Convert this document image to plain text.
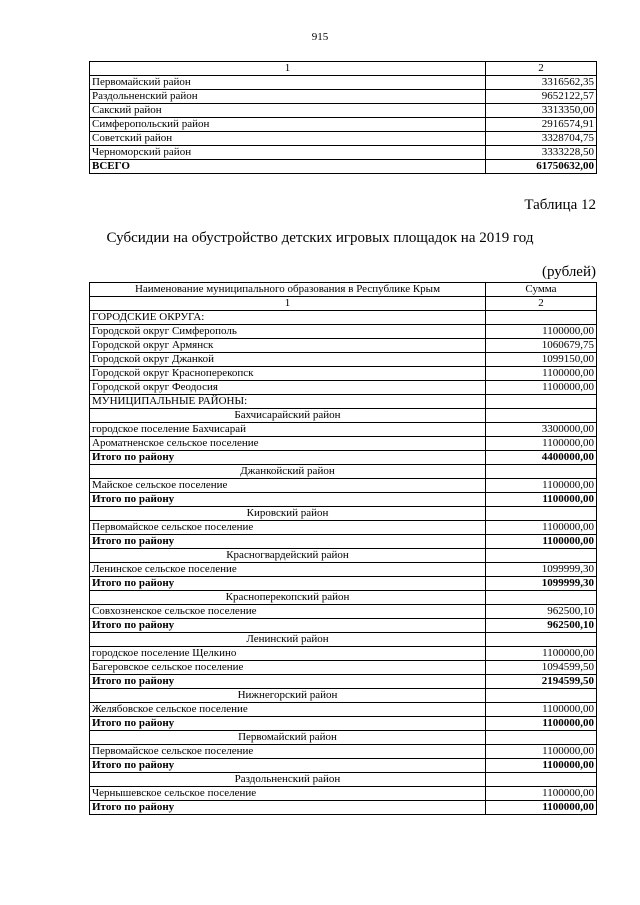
915
1	2
Первомайский район	3316562,35
Раздольненский район	9652122,57
Сакский район	3313350,00
Симферопольский район	2916574,91
Советский район	3328704,75
Черноморский район	3333228,50
ВСЕГО	61750632,00
Таблица 12
Субсидии на обустройство детских игровых площадок на 2019 год
(рублей)
Наименование муниципального образования в Республике Крым	Сумма
1	2
ГОРОДСКИЕ ОКРУГА:	
Городской округ Симферополь	1100000,00
Городской округ Армянск	1060679,75
Городской округ Джанкой	1099150,00
Городской округ Красноперекопск	1100000,00
Городской округ Феодосия	1100000,00
МУНИЦИПАЛЬНЫЕ РАЙОНЫ:	
Бахчисарайский район	
городское поселение Бахчисарай	3300000,00
Ароматненское сельское поселение	1100000,00
Итого по району	4400000,00
Джанкойский район	
Майское сельское поселение	1100000,00
Итого по району	1100000,00
Кировский район	
Первомайское сельское поселение	1100000,00
Итого по району	1100000,00
Красногвардейский район	
Ленинское сельское поселение	1099999,30
Итого по району	1099999,30
Красноперекопский район	
Совхозненское сельское поселение	962500,10
Итого по району	962500,10
Ленинский район	
городское поселение Щелкино	1100000,00
Багеровское сельское поселение	1094599,50
Итого по району	2194599,50
Нижнегорский район	
Желябовское сельское поселение	1100000,00
Итого по району	1100000,00
Первомайский район	
Первомайское сельское поселение	1100000,00
Итого по району	1100000,00
Раздольненский район	
Чернышевское сельское поселение	1100000,00
Итого по району	1100000,00
